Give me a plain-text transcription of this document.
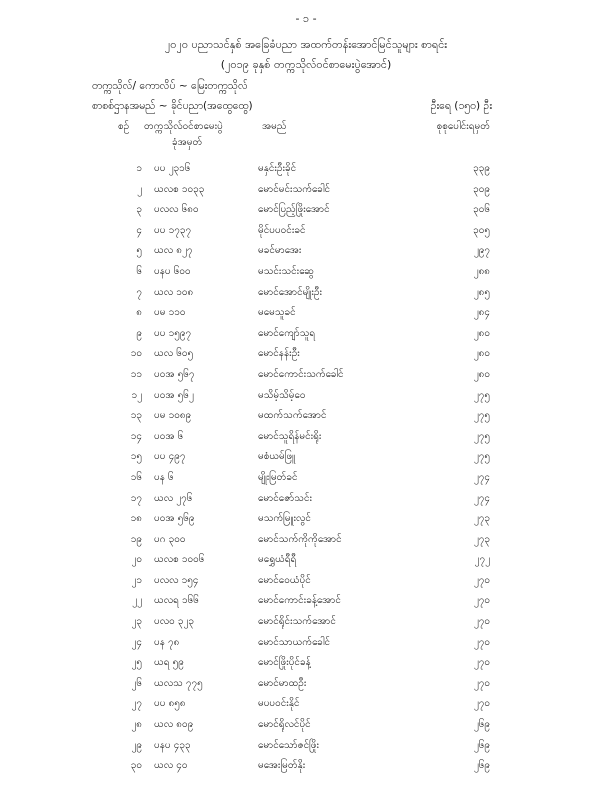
- ၁ -
၂၀၂၀ ပညာသင်နှစ် အခြေခံပညာ အထက်တန်းအောင်မြင်သူများ စာရင်း
(၂၀၁၉ ခုနှစ် တက္ကသိုလ်ဝင်စာမေးပွဲအောင်)
တက္ကသိုလ်/ ကောလိပ် ~ မြေးတက္ကသိုလ်
စာစစ်ဌာနအမည် ~ ခိုင်ပညာ(အထွေထွေ)	ဦးရေ (၁၅၀) ဦး
စဉ် တက္ကသိုလ်ဝင်စာမေးပွဲ
ခုံအမှတ်
အမည်	စုစုပေါင်းရမှတ်
၁ ပပ ၂၃၁၆	မနှင်းဦးခိုင်	၃၃၉
၂ ယလစ ၁၀၃၃	မောင်မင်းသက်ခေါင်	၃၀၉
၃ ပလလ ၆၈၀	မောင်ပြည့်ဖြိုးအောင်	၃၀၆
၄ ပပ ၁၇၃၇	မိုင်ပပဝင်းခင်	၃၀၅
၅ ယလ ၈၂၇	မခင်မာအေး	၂၉၇
၆ ပနပ ၆၀၀	မသင်းသင်းဆွေ	၂၈၈
၇ ယလ ၁၀၈	မောင်အောင်မျိုးဦး	၂၈၅
၈ ပမ ၁၁၀	မမေသူခင်	၂၈၄
၉ ပပ ၁၅၉၇	မောင်ကျော်သူရ	၂၈၀
၁၀ ယလ ၆၀၅	မောင်နန်းဦး	၂၈၀
၁၁ ပဝအ ၅၆၇	မောင်ကောင်းသက်ခေါင်	၂၈၀
၁၂ ပဝအ ၅၆၂	မသိမ့်သိမ့်ဝေ	၂၇၅
၁၃ ပမ ၁၀၈၉	မထက်သက်အောင်	၂၇၅
၁၄ ပဝအ ၆	မောင်သူရိန်မင်းရိုး	၂၇၅
၁၅ ပပ ၄၉၇	မစံယမ်ဖြူ	၂၇၅
၁၆ ပန ၆	မျိုးမြတ်ခင်	၂၇၄
၁၇ ယလ ၂၇၆	မောင်ဇော်သင်း	၂၇၄
၁၈ ပဝအ ၅၆၉	မသက်မြူးလွင်	၂၇၃
၁၉ ပဂ ၃၀၀	မောင်သက်ကိုကိုအောင်	၂၇၃
၂၀ ယလစ ၁၀၀၆	မရွှေယံရီရီ	၂၇၂
၂၁ ပလလ ၁၅၄	မောင်ဝေယံပိုင်	၂၇၀
၂၂ ယလရ ၁၆၆	မောင်ကောင်းခန့်အောင်	၂၇၀
၂၃ ပလဝ ၃၂၃	မောင်ရိုင်းသက်အောင်	၂၇၀
၂၄ ပန ၇၈	မောင်သာယက်ခေါင်	၂၇၀
၂၅ ယရ ၅၉	မောင်ဖြိုးပိုင်ခန့်	၂၇၀
၂၆ ယလသ ၇၇၅	မောင်မာထဦး	၂၇၀
၂၇ ပပ ၈၅၈	မပပဝင်းနိုင်	၂၇၀
၂၈ ယလ ၈၀၉	မောင်ရိုလင်ပိုင်	၂၆၉
၂၉ ပနပ ၄၃၃	မောင်သော်ဇင်ဖြိုး	၂၆၉
၃၀ ယလ ၄၀	မအေးမြတ်နိုး	၂၆၉
